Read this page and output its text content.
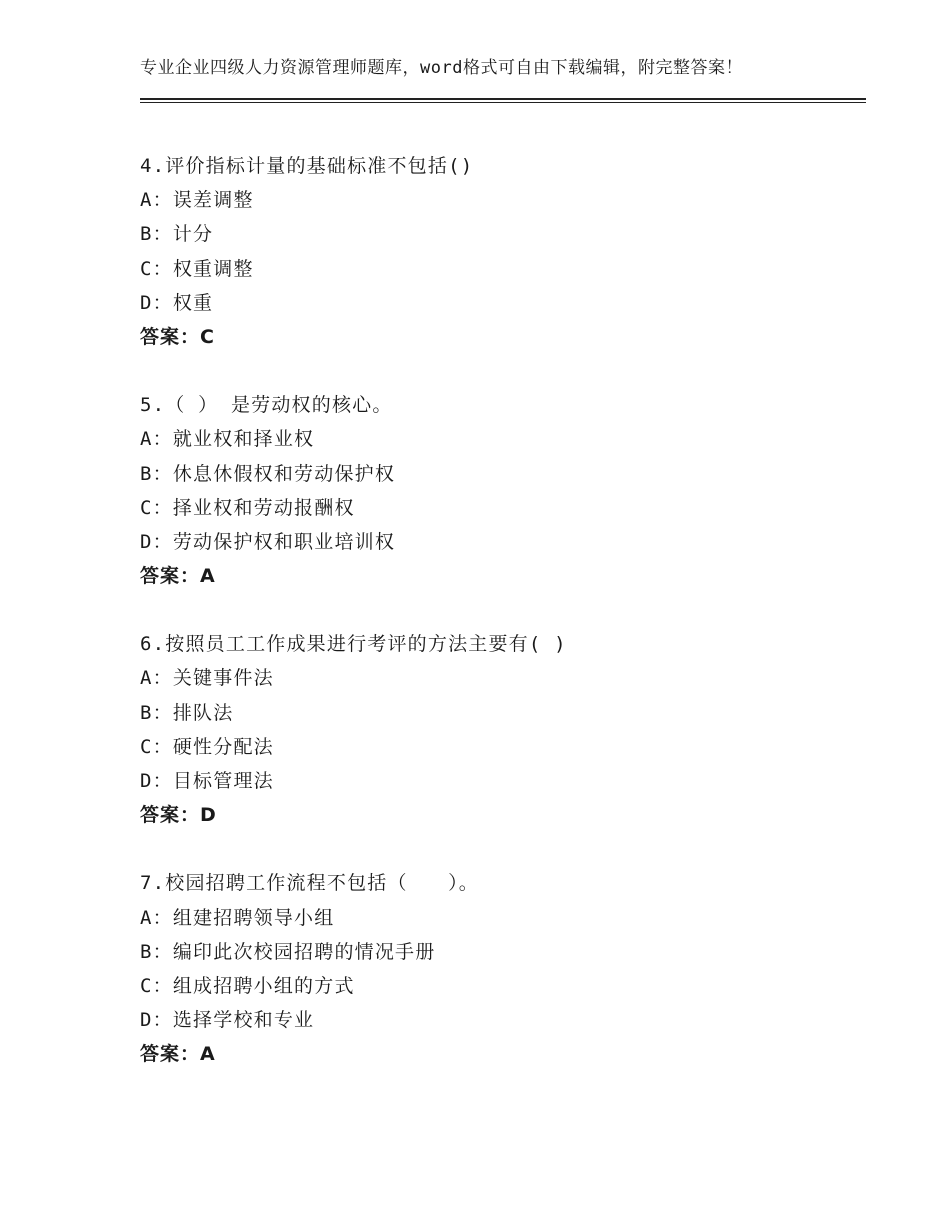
专业企业四级人力资源管理师题库，word格式可自由下载编辑，附完整答案！
4.评价指标计量的基础标准不包括()
A：误差调整
B：计分
C：权重调整
D：权重
答案：C
5.（ ） 是劳动权的核心。
A：就业权和择业权
B：休息休假权和劳动保护权
C：择业权和劳动报酬权
D：劳动保护权和职业培训权
答案：A
6.按照员工工作成果进行考评的方法主要有( )
A：关键事件法
B：排队法
C：硬性分配法
D：目标管理法
答案：D
7.校园招聘工作流程不包括（　　）。
A：组建招聘领导小组
B：编印此次校园招聘的情况手册
C：组成招聘小组的方式
D：选择学校和专业
答案：A
